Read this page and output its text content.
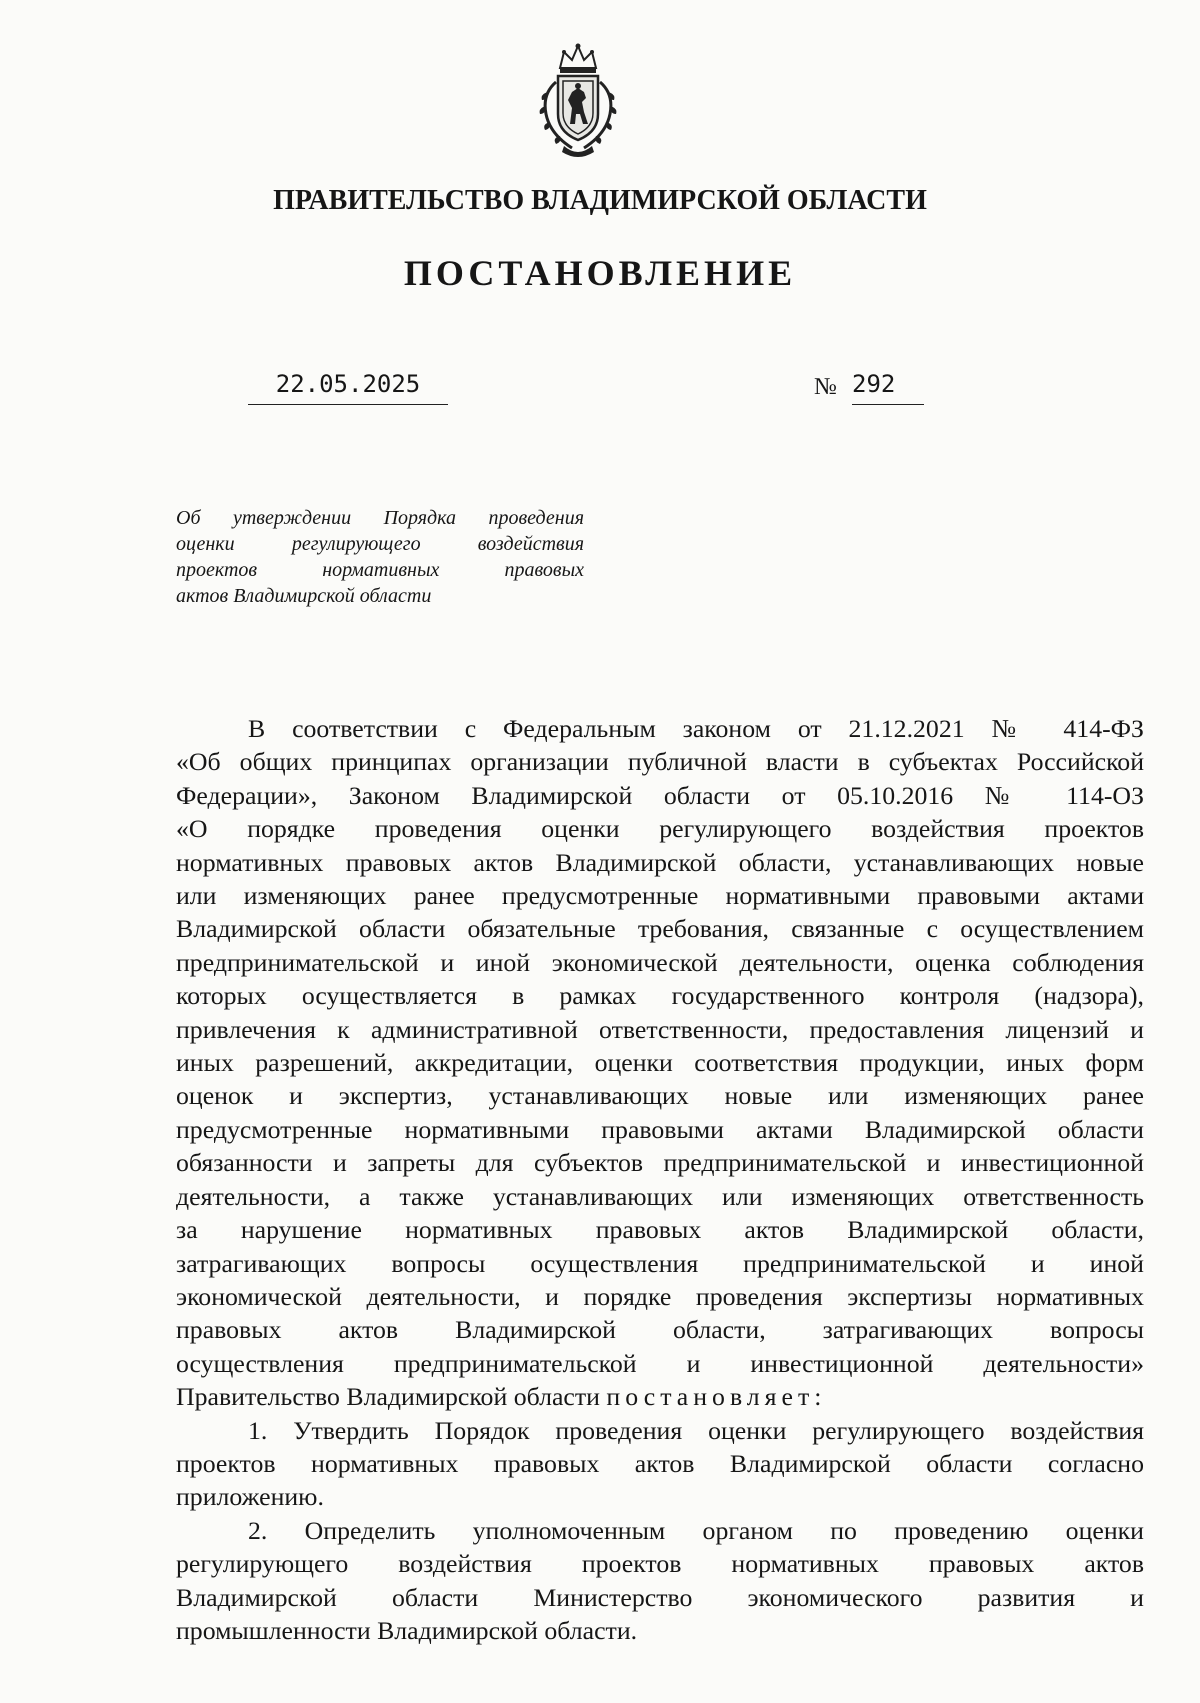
ПРАВИТЕЛЬСТВО ВЛАДИМИРСКОЙ ОБЛАСТИ
ПОСТАНОВЛЕНИЕ
22.05.2025	№ 292
Об утверждении Порядка проведения
оценки регулирующего воздействия
проектов нормативных правовых
актов Владимирской области
В соответствии с Федеральным законом от 21.12.2021 № 414-ФЗ
«Об общих принципах организации публичной власти в субъектах Российской
Федерации», Законом Владимирской области от 05.10.2016 № 114-ОЗ
«О порядке проведения оценки регулирующего воздействия проектов
нормативных правовых актов Владимирской области, устанавливающих новые
или изменяющих ранее предусмотренные нормативными правовыми актами
Владимирской области обязательные требования, связанные с осуществлением
предпринимательской и иной экономической деятельности, оценка соблюдения
которых осуществляется в рамках государственного контроля (надзора),
привлечения к административной ответственности, предоставления лицензий и
иных разрешений, аккредитации, оценки соответствия продукции, иных форм
оценок и экспертиз, устанавливающих новые или изменяющих ранее
предусмотренные нормативными правовыми актами Владимирской области
обязанности и запреты для субъектов предпринимательской и инвестиционной
деятельности, а также устанавливающих или изменяющих ответственность
за нарушение нормативных правовых актов Владимирской области,
затрагивающих вопросы осуществления предпринимательской и иной
экономической деятельности, и порядке проведения экспертизы нормативных
правовых актов Владимирской области, затрагивающих вопросы
осуществления предпринимательской и инвестиционной деятельности»
Правительство Владимирской области постановляет:
1. Утвердить Порядок проведения оценки регулирующего воздействия
проектов нормативных правовых актов Владимирской области согласно
приложению.
2. Определить уполномоченным органом по проведению оценки
регулирующего воздействия проектов нормативных правовых актов
Владимирской области Министерство экономического развития и
промышленности Владимирской области.
